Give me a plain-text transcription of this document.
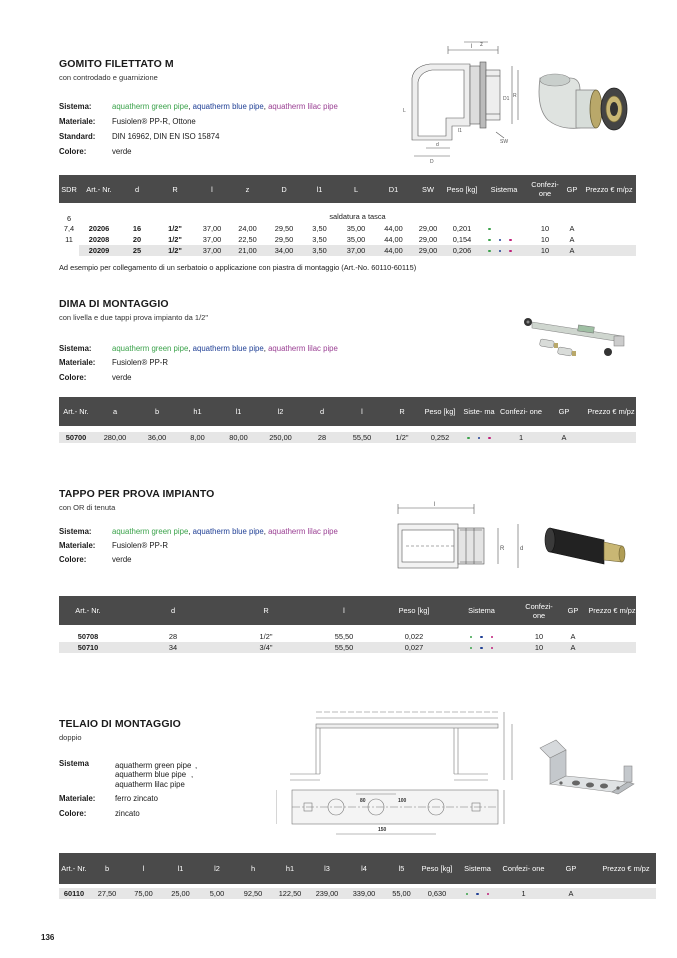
GOMITO FILETTATO M
con controdado e guarnizione
Sistema:	aquatherm green pipe, aquatherm blue pipe, aquatherm lilac pipe
Materiale: Fusiolen® PP-R, Ottone
Standard: DIN 16962, DIN EN ISO 15874
Colore:	verde
l z
D1 R
L
d
D
l1
SW
SDR	Art.- Nr.	d	R	l	z	D	l1	L	D1	SW	Peso [kg]	Sistema	Confezi- one	GP	Prezzo € m/pz
6	saldatura a tasca														
7,4	20206	16	1/2"	37,00	24,00	29,50	3,50	35,00	44,00	29,00	0,201		10	A	
11	20208	20	1/2"	37,00	22,50	29,50	3,50	35,00	44,00	29,00	0,154		10	A	
	20209	25	1/2"	37,00	21,00	34,00	3,50	37,00	44,00	29,00	0,206		10	A	
Ad esempio per collegamento di un serbatoio o applicazione con piastra di montaggio (Art.-No. 60110-60115)
DIMA DI MONTAGGIO
con livella e due tappi prova impianto da 1/2"
Sistema:	aquatherm green pipe, aquatherm blue pipe, aquatherm lilac pipe
Materiale: Fusiolen® PP-R
Colore:	verde
Art.- Nr.	a	b	h1	l1	l2	d	l	R	Peso [kg]	Siste- ma	Confezi- one	GP	Prezzo € m/pz

50700	280,00	36,00	8,00	80,00	250,00	28	55,50	1/2"	0,252		1	A	
TAPPO PER PROVA IMPIANTO
con OR di tenuta
Sistema:	aquatherm green pipe, aquatherm blue pipe, aquatherm lilac pipe
Materiale: Fusiolen® PP-R
Colore:	verde
l
R	d
Art.- Nr.	d	R	l	Peso [kg]	Sistema	Confezi- one	GP	Prezzo € m/pz

50708	28	1/2"	55,50	0,022		10	A	
50710	34	3/4"	55,50	0,027		10	A	
TELAIO DI MONTAGGIO
doppio
Sistema	aquatherm green pipe ,
aquatherm blue pipe ,
aquatherm lilac pipe
Materiale:	ferro zincato
Colore:	zincato
80	100
150
Art.- Nr.	b	l	l1	l2	h	h1	l3	l4	l5	Peso [kg]	Sistema	Confezi- one	GP	Prezzo € m/pz

60110	27,50	75,00	25,00	5,00	92,50	122,50	239,00	339,00	55,00	0,630		1	A	
136
